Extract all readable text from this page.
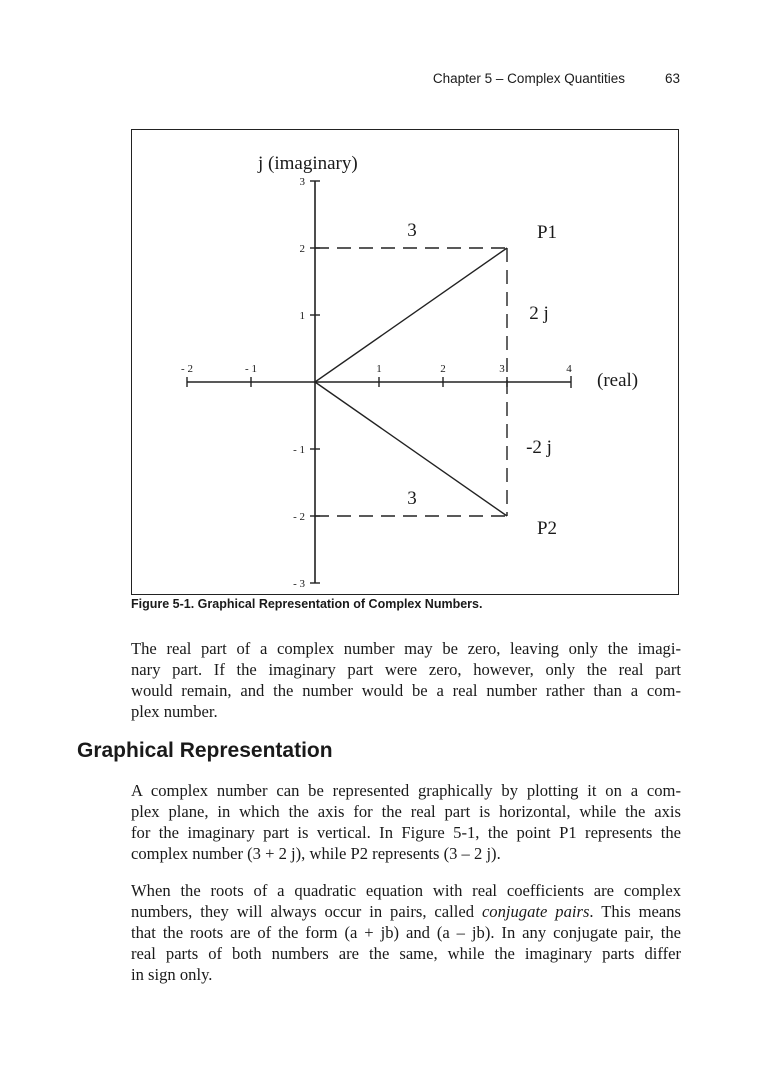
Chapter 5 – Complex Quantities	63
- 2	- 1	1	2	3	4
3
2
1
- 1
- 2
- 3
j (imaginary)
(real)
P1
P2
3
2 j
3
-2 j
Figure 5-1. Graphical Representation of Complex Numbers.

The real part of a complex number may be zero, leaving only the imagi-
nary part. If the imaginary part were zero, however, only the real part
would remain, and the number would be a real number rather than a com-
plex number.

Graphical Representation

A complex number can be represented graphically by plotting it on a com-
plex plane, in which the axis for the real part is horizontal, while the axis
for the imaginary part is vertical. In Figure 5-1, the point P1 represents the
complex number (3 + 2 j), while P2 represents (3 – 2 j).

When the roots of a quadratic equation with real coefficients are complex
numbers, they will always occur in pairs, called conjugate pairs. This means
that the roots are of the form (a + jb) and (a – jb). In any conjugate pair, the
real parts of both numbers are the same, while the imaginary parts differ
in sign only.
